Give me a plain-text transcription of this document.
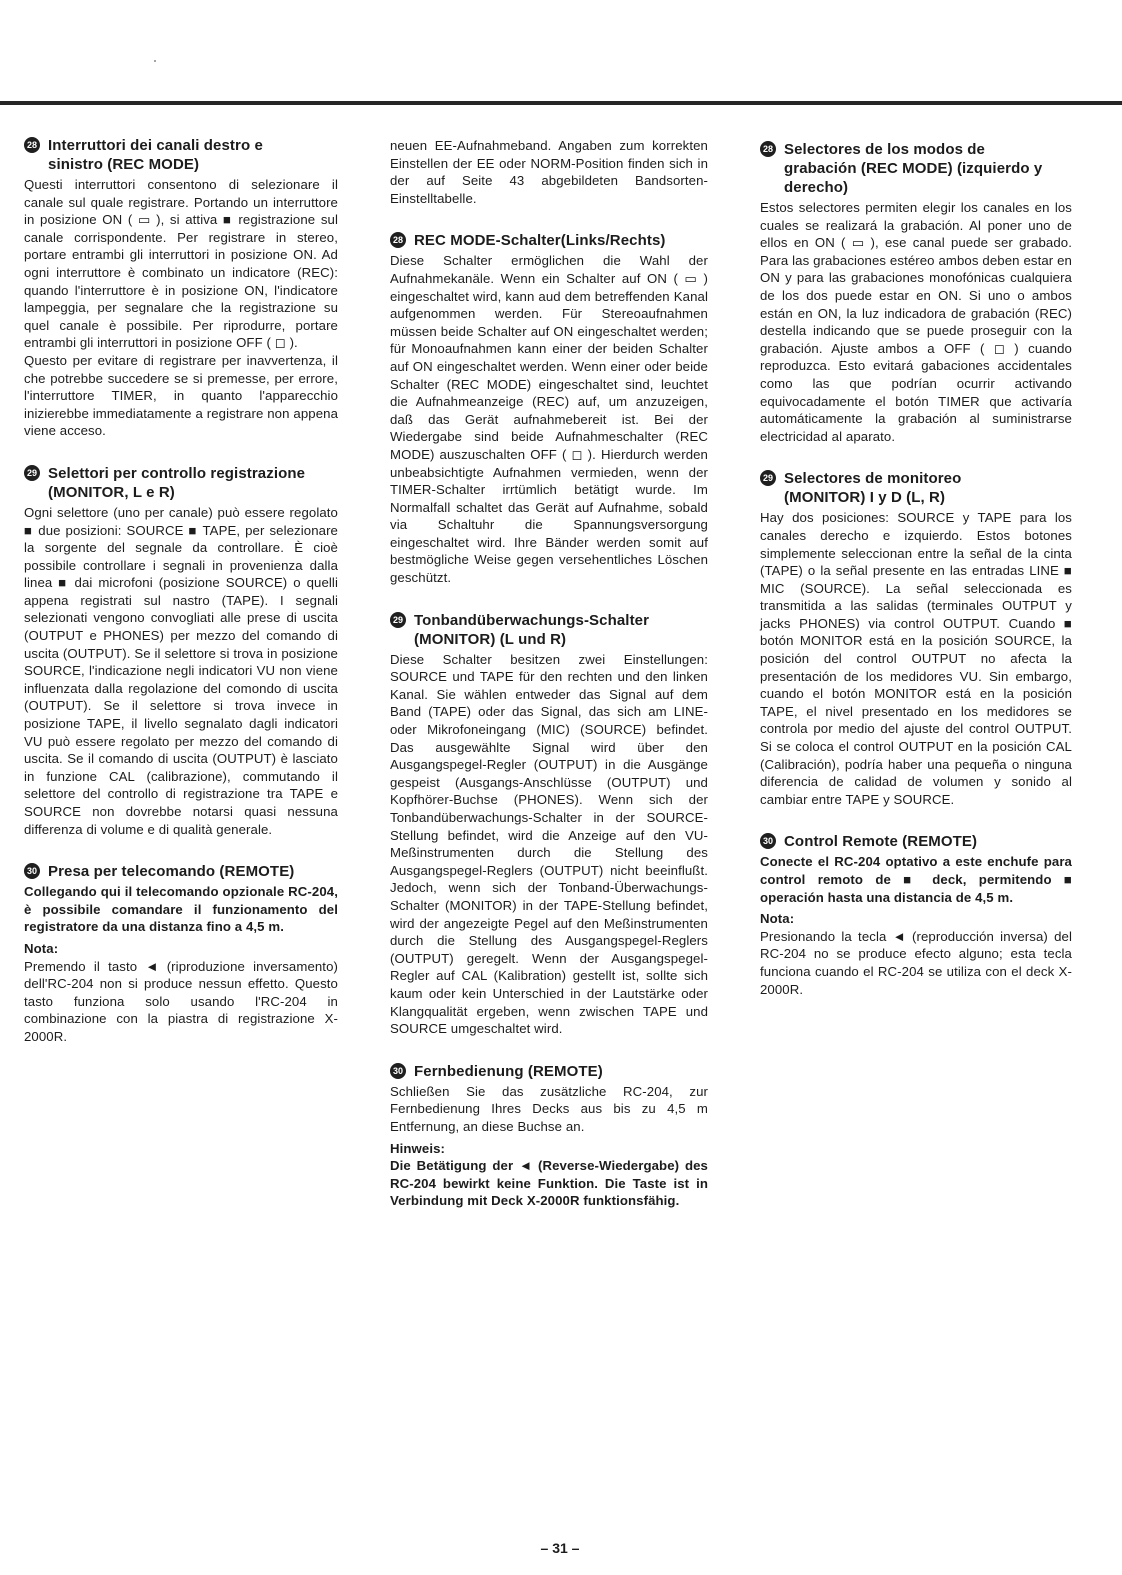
28 Interruttori dei canali destro e
sinistro (REC MODE)

Questi interruttori consentono di selezionare il canale sul quale registrare. Portando un interruttore in posizione ON ( ▭ ), si attiva ■ registrazione sul canale corrispondente. Per registrare in stereo, portare entrambi gli interruttori in posizione ON. Ad ogni interruttore è combinato un indicatore (REC): quando l'interruttore è in posizione ON, l'indicatore lampeggia, per segnalare che la registrazione su quel canale è possibile. Per riprodurre, portare entrambi gli interruttori in posizione OFF ( ◻ ).

Questo per evitare di registrare per inavvertenza, il che potrebbe succedere se si premesse, per errore, l'interruttore TIMER, in quanto l'apparecchio inizierebbe immediatamente a registrare non appena viene acceso.

29 Selettori per controllo registrazione
(MONITOR, L e R)

Ogni selettore (uno per canale) può essere regolato ■ due posizioni: SOURCE ■ TAPE, per selezionare la sorgente del segnale da controllare. È cioè possibile controllare i segnali in provenienza dalla linea ■ dai microfoni (posizione SOURCE) o quelli appena registrati sul nastro (TAPE). I segnali selezionati vengono convogliati alle prese di uscita (OUTPUT e PHONES) per mezzo del comando di uscita (OUTPUT). Se il selettore si trova in posizione SOURCE, l'indicazione negli indicatori VU non viene influenzata dalla regolazione del comondo di uscita (OUTPUT). Se il selettore si trova invece in posizione TAPE, il livello segnalato dagli indicatori VU può essere regolato per mezzo del comando di uscita. Se il comando di uscita (OUTPUT) è lasciato in funzione CAL (calibrazione), commutando il selettore del controllo di registrazione tra TAPE e SOURCE non dovrebbe notarsi quasi nessuna differenza di volume e di qualità generale.

30 Presa per telecomando (REMOTE)

Collegando qui il telecomando opzionale RC-204, è possibile comandare il funzionamento del registratore da una distanza fino a 4,5 m.

Nota:

Premendo il tasto ◄ (riproduzione inversamento) dell'RC-204 non si produce nessun effetto. Questo tasto funziona solo usando l'RC-204 in combinazione con la piastra di registrazione X-2000R.

neuen EE-Aufnahmeband. Angaben zum korrekten Einstellen der EE oder NORM-Position finden sich in der auf Seite 43 abgebildeten Bandsorten-Einstelltabelle.

28 REC MODE-Schalter(Links/Rechts)

Diese Schalter ermöglichen die Wahl der Aufnahmekanäle. Wenn ein Schalter auf ON ( ▭ ) eingeschaltet wird, kann aud dem betreffenden Kanal aufgenommen werden. Für Stereoaufnahmen müssen beide Schalter auf ON eingeschaltet werden; für Monoaufnahmen kann einer der beiden Schalter auf ON eingeschaltet werden. Wenn einer oder beide Schalter (REC MODE) eingeschaltet sind, leuchtet die Aufnahmeanzeige (REC) auf, um anzuzeigen, daß das Gerät aufnahmebereit ist. Bei der Wiedergabe sind beide Aufnahmeschalter (REC MODE) auszuschalten OFF ( ◻ ). Hierdurch werden unbeabsichtigte Aufnahmen vermieden, wenn der TIMER-Schalter irrtümlich betätigt wurde. Im Normalfall schaltet das Gerät auf Aufnahme, sobald via Schaltuhr die Spannungsversorgung eingeschaltet wird. Ihre Bänder werden somit auf bestmögliche Weise gegen versehentliches Löschen geschützt.

29 Tonbandüberwachungs-Schalter
(MONITOR) (L und R)

Diese Schalter besitzen zwei Einstellungen: SOURCE und TAPE für den rechten und den linken Kanal. Sie wählen entweder das Signal auf dem Band (TAPE) oder das Signal, das sich am LINE- oder Mikrofoneingang (MIC) (SOURCE) befindet. Das ausgewählte Signal wird über den Ausgangspegel-Regler (OUTPUT) in die Ausgänge gespeist (Ausgangs-Anschlüsse (OUTPUT) und Kopfhörer-Buchse (PHONES). Wenn sich der Tonbandüberwachungs-Schalter in der SOURCE-Stellung befindet, wird die Anzeige auf den VU-Meßinstrumenten durch die Stellung des Ausgangspegel-Reglers (OUTPUT) nicht beeinflußt. Jedoch, wenn sich der Tonband-Überwachungs-Schalter (MONITOR) in der TAPE-Stellung befindet, wird der angezeigte Pegel auf den Meßinstrumenten durch die Stellung des Ausgangspegel-Reglers (OUTPUT) geregelt. Wenn der Ausgangspegel-Regler auf CAL (Kalibration) gestellt ist, sollte sich kaum oder kein Unterschied in der Lautstärke oder Klangqualität ergeben, wenn zwischen TAPE und SOURCE umgeschaltet wird.

30 Fernbedienung (REMOTE)

Schließen Sie das zusätzliche RC-204, zur Fernbedienung Ihres Decks aus bis zu 4,5 m Entfernung, an diese Buchse an.

Hinweis:

Die Betätigung der ◄ (Reverse-Wiedergabe) des RC-204 bewirkt keine Funktion. Die Taste ist in Verbindung mit Deck X-2000R funktionsfähig.

28 Selectores de los modos de
grabación (REC MODE) (izquierdo y derecho)

Estos selectores permiten elegir los canales en los cuales se realizará la grabación. Al poner uno de ellos en ON ( ▭ ), ese canal puede ser grabado. Para las grabaciones estéreo ambos deben estar en ON y para las grabaciones monofónicas cualquiera de los dos puede estar en ON. Si uno o ambos están en ON, la luz indicadora de grabación (REC) destella indicando que se puede proseguir con la grabación. Ajuste ambos a OFF ( ◻ ) cuando reproduzca. Esto evitará gabaciones accidentales como las que podrían ocurrir activando equivocadamente el botón TIMER que activaría automáticamente la grabación al suministrarse electricidad al aparato.

29 Selectores de monitoreo
(MONITOR) I y D (L, R)

Hay dos posiciones: SOURCE y TAPE para los canales derecho e izquierdo. Estos botones simplemente seleccionan entre la señal de la cinta (TAPE) o la señal presente en las entradas LINE ■ MIC (SOURCE). La señal seleccionada es transmitida a las salidas (terminales OUTPUT y jacks PHONES) via control OUTPUT. Cuando ■ botón MONITOR está en la posición SOURCE, la posición del control OUTPUT no afecta la presentación de los medidores VU. Sin embargo, cuando el botón MONITOR está en la posición TAPE, el nivel presentado en los medidores se controla por medio del ajuste del control OUTPUT. Si se coloca el control OUTPUT en la posición CAL (Calibración), podría haber una pequeña o ninguna diferencia de calidad de volumen y sonido al cambiar entre TAPE y SOURCE.

30 Control Remote (REMOTE)

Conecte el RC-204 optativo a este enchufe para control remoto de ■ deck, permitendo ■ operación hasta una distancia de 4,5 m.

Nota:

Presionando la tecla ◄ (reproducción inversa) del RC-204 no se produce efecto alguno; esta tecla funciona cuando el RC-204 se utiliza con el deck X-2000R.

– 31 –
